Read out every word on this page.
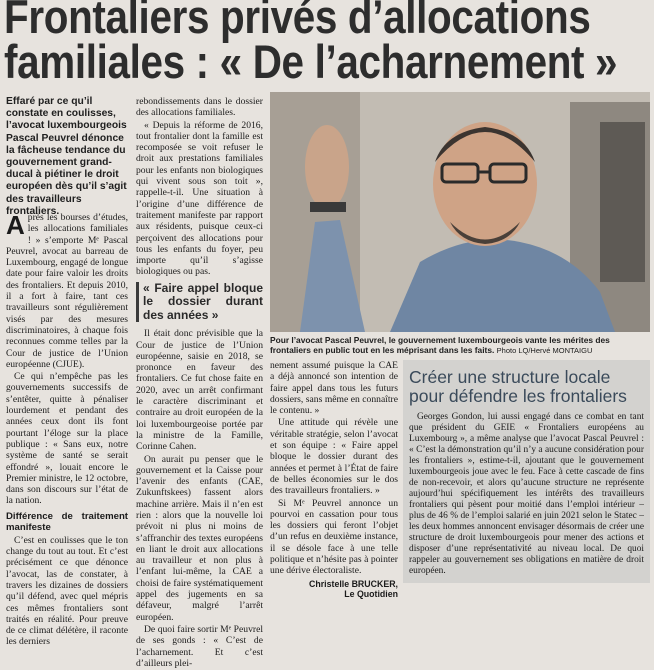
Frontaliers privés d’allocations
familiales : « De l’acharnement »
Effaré par ce qu’il constate en coulisses, l’avocat luxembourgeois Pascal Peuvrel dénonce la fâcheuse tendance du gouvernement grand-ducal à piétiner le droit européen dès qu’il s’agit des travailleurs frontaliers.

Après les bourses d’études, les allocations familiales ! » s’emporte Mᵉ Pascal Peuvrel, avocat au barreau de Luxembourg, engagé de longue date pour faire valoir les droits des frontaliers. Et depuis 2010, il a fort à faire, tant ces travailleurs sont régulièrement visés par des mesures discriminatoires, à chaque fois reconnues comme telles par la Cour de justice de l’Union européenne (CJUE).

Ce qui n’empêche pas les gouvernements successifs de s’entêter, quitte à pénaliser lourdement et pendant des années ceux dont ils font pourtant l’éloge sur la place publique : « Sans eux, notre système de santé se serait effondré », louait encore le Premier ministre, le 12 octobre, dans son discours sur l’état de la nation.

Différence de traitement manifeste

C’est en coulisses que le ton change du tout au tout. Et c’est précisément ce que dénonce l’avocat, las de constater, à travers les dizaines de dossiers qu’il défend, avec quel mépris ces mêmes frontaliers sont traités en réalité. Pour preuve de ce climat délétère, il raconte les derniers

rebondissements dans le dossier des allocations familiales.

« Depuis la réforme de 2016, tout frontalier dont la famille est recomposée se voit refuser le droit aux prestations familiales pour les enfants non biologiques qui vivent sous son toit », rappelle-t-il. Une situation à l’origine d’une différence de traitement manifeste par rapport aux résidents, puisque ceux-ci perçoivent des allocations pour tous les enfants du foyer, peu importe qu’il s’agisse biologiques ou pas.

« Faire appel bloque le dossier durant des années »

Il était donc prévisible que la Cour de justice de l’Union européenne, saisie en 2018, se prononce en faveur des frontaliers. Ce fut chose faite en 2020, avec un arrêt confirmant le caractère discriminant et contraire au droit européen de la loi luxembourgeoise portée par la ministre de la Famille, Corinne Cahen.

On aurait pu penser que le gouvernement et la Caisse pour l’avenir des enfants (CAE, Zukunftskees) fassent alors machine arrière. Mais il n’en est rien : alors que la nouvelle loi prévoit ni plus ni moins de s’affranchir des textes européens en liant le droit aux allocations au travailleur et non plus à l’enfant lui-même, la CAE a choisi de faire systématiquement appel des jugements en sa défaveur, malgré l’arrêt européen.

De quoi faire sortir Mᵉ Peuvrel de ses gonds : « C’est de l’acharnement. Et c’est d’ailleurs plei-

Pour l’avocat Pascal Peuvrel, le gouvernement luxembourgeois vante les mérites des frontaliers en public tout en les méprisant dans les faits. Photo LQ/Hervé MONTAIGU

nement assumé puisque la CAE a déjà annoncé son intention de faire appel dans tous les futurs dossiers, sans même en connaître le contenu. »

Une attitude qui révèle une véritable stratégie, selon l’avocat et son équipe : « Faire appel bloque le dossier durant des années et permet à l’État de faire de belles économies sur le dos des travailleurs frontaliers. »

Si Mᵉ Peuvrel annonce un pourvoi en cassation pour tous les dossiers qui feront l’objet d’un refus en deuxième instance, il se désole face à une telle politique et n’hésite pas à pointer une dérive électoraliste.

Christelle BRUCKER,
Le Quotidien
Créer une structure locale pour défendre les frontaliers

Georges Gondon, lui aussi engagé dans ce combat en tant que président du GEIE « Frontaliers européens au Luxembourg », a même analyse que l’avocat Pascal Peuvrel : « C’est la démonstration qu’il n’y a aucune considération pour les frontaliers », estime-t-il, ajoutant que le gouvernement luxembourgeois joue avec le feu. Face à cette cascade de fins de non-recevoir, et alors qu’aucune structure ne représente aujourd’hui spécifiquement les intérêts des travailleurs frontaliers qui pèsent pour moitié dans l’emploi intérieur – plus de 46 % de l’emploi salarié en juin 2021 selon le Statec – les deux hommes annoncent envisager désormais de créer une structure de droit luxembourgeois pour mener des actions et disposer d’une représentativité au niveau local. De quoi rappeler au gouvernement ses obligations en matière de droit européen.
